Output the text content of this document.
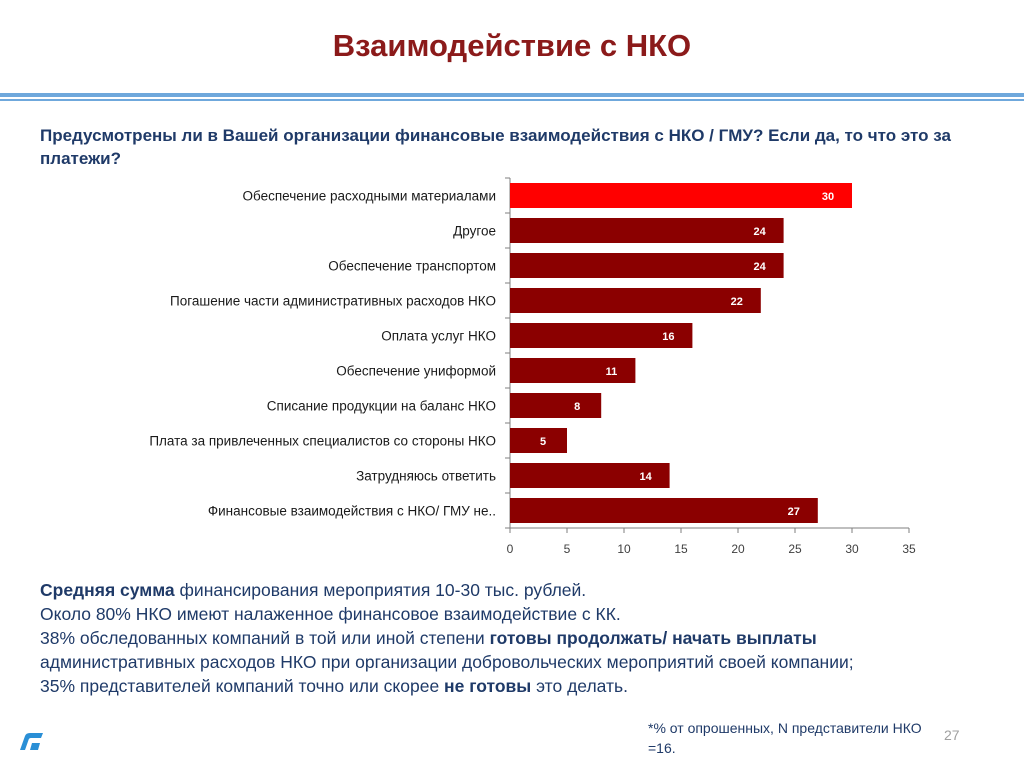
Взаимодействие с НКО
Предусмотрены ли в Вашей организации финансовые взаимодействия с НКО / ГМУ? Если да, то что это за платежи?
0	5	10	15	20	25	30	35
30
Обеспечение расходными материалами
24
Другое
24
Обеспечение транспортом
22
Погашение части административных расходов НКО
16
Оплата услуг НКО
11
Обеспечение униформой
8
Списание продукции на баланс НКО
5
Плата за привлеченных специалистов со стороны НКО
14
Затрудняюсь ответить
27
Финансовые взаимодействия с НКО/ ГМУ не..
Средняя сумма финансирования мероприятия 10-30 тыс. рублей.
Около 80% НКО имеют налаженное финансовое взаимодействие с КК.
38% обследованных компаний в той или иной степени готовы продолжать/ начать выплаты
административных расходов НКО при организации добровольческих мероприятий своей компании;
35% представителей компаний точно или скорее не готовы это делать.
*% от опрошенных, N представители НКО =16.
27
